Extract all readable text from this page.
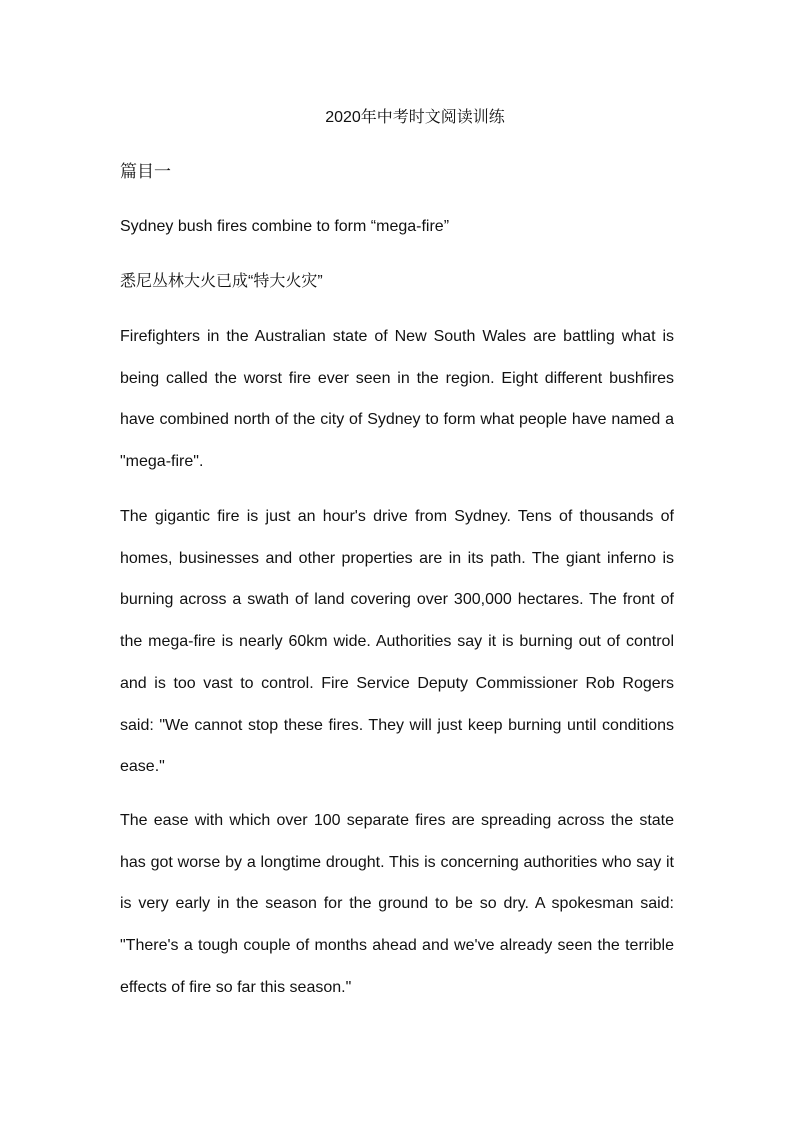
2020年中考时文阅读训练
篇目一
Sydney bush fires combine to form “mega-fire”
悉尼丛林大火已成“特大火灾”

Firefighters in the Australian state of New South Wales are battling what is being called the worst fire ever seen in the region. Eight different bushfires have combined north of the city of Sydney to form what people have named a "mega-fire".

The gigantic fire is just an hour's drive from Sydney. Tens of thousands of homes, businesses and other properties are in its path. The giant inferno is burning across a swath of land covering over 300,000 hectares. The front of the mega-fire is nearly 60km wide. Authorities say it is burning out of control and is too vast to control. Fire Service Deputy Commissioner Rob Rogers said: "We cannot stop these fires. They will just keep burning until conditions ease."

The ease with which over 100 separate fires are spreading across the state has got worse by a longtime drought. This is concerning authorities who say it is very early in the season for the ground to be so dry. A spokesman said: "There's a tough couple of months ahead and we've already seen the terrible effects of fire so far this season."
